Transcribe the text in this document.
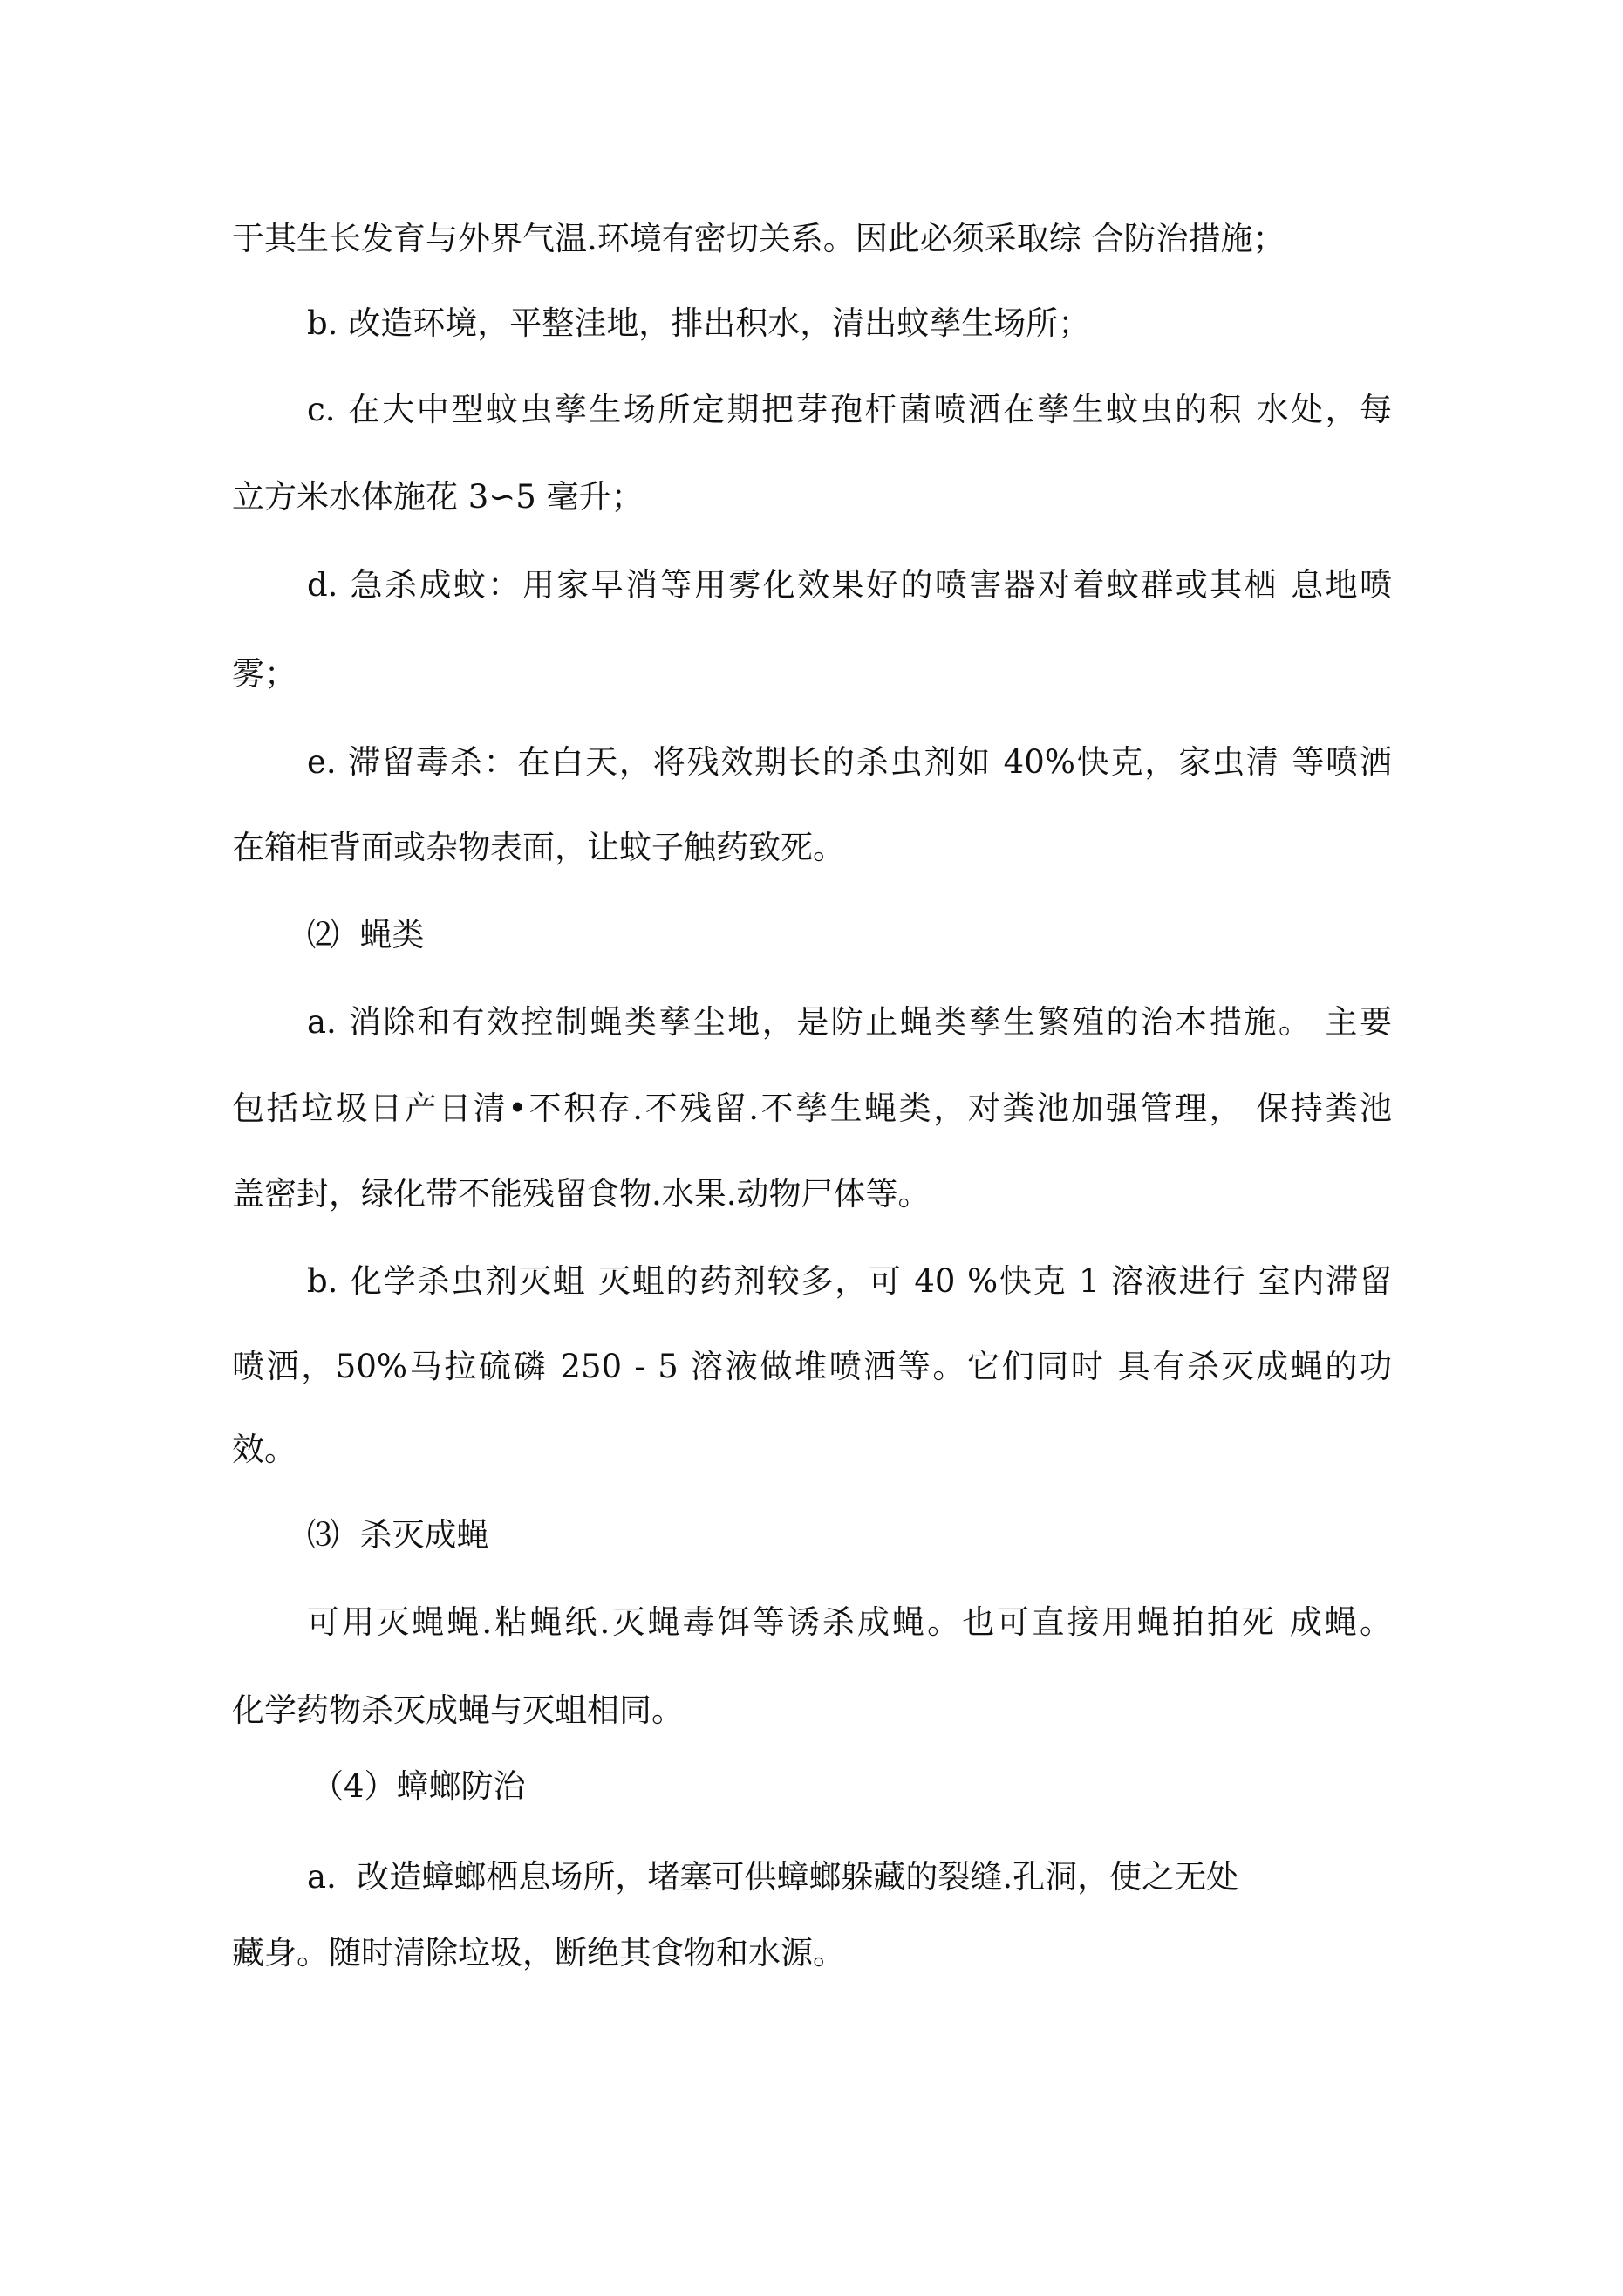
于其生长发育与外界气温.环境有密切关系。因此必须采取综 合防治措施；
b. 改造环境，平整洼地，排出积水，清出蚊孳生场所；
c. 在大中型蚊虫孳生场所定期把芽孢杆菌喷洒在孳生蚊虫的积 水处，每
立方米水体施花 3∽5 毫升；
d. 急杀成蚊：用家早消等用雾化效果好的喷害器对着蚊群或其栖 息地喷
雾；
e. 滞留毒杀：在白天，将残效期长的杀虫剂如 40%快克，家虫清 等喷洒
在箱柜背面或杂物表面，让蚊子触药致死。
⑵  蝇类
a. 消除和有效控制蝇类孳尘地，是防止蝇类孳生繁殖的治本措施。 主要
包括垃圾日产日清•不积存.不残留.不孳生蝇类，对粪池加强管理， 保持粪池
盖密封，绿化带不能残留食物.水果.动物尸体等。
b. 化学杀虫剂灭蛆 灭蛆的药剂较多，可 40 %快克 1 溶液进行 室内滞留
喷洒，50%马拉硫磷 250 - 5 溶液做堆喷洒等。它们同时 具有杀灭成蝇的功
效。
⑶  杀灭成蝇
可用灭蝇蝇.粘蝇纸.灭蝇毒饵等诱杀成蝇。也可直接用蝇拍拍死 成蝇。
化学药物杀灭成蝇与灭蛆相同。
（4）蟑螂防治
a.  改造蟑螂栖息场所，堵塞可供蟑螂躲藏的裂缝.孔洞，使之无处
藏身。随时清除垃圾，断绝其食物和水源。
